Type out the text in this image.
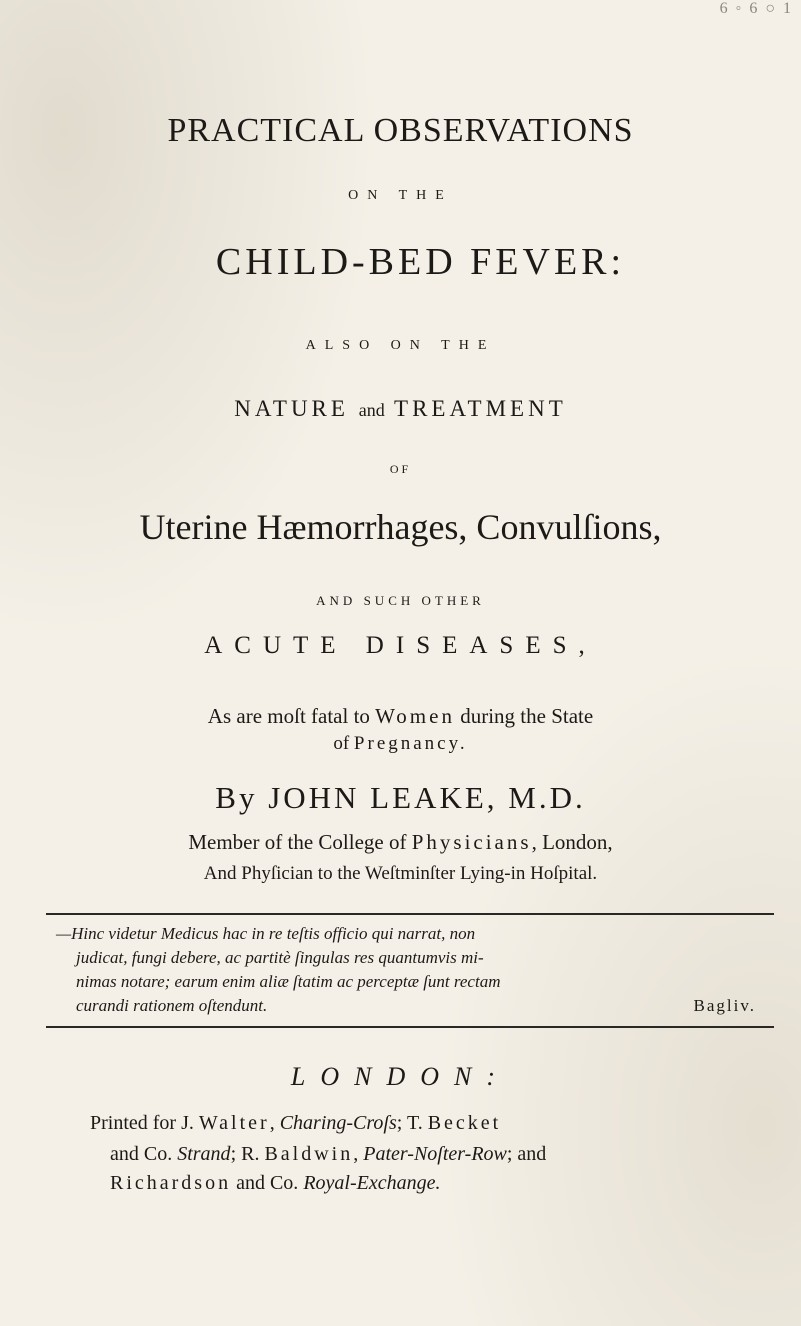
6 ◦ 6 ○ 1
PRACTICAL OBSERVATIONS
ON THE
CHILD-BED FEVER:
ALSO ON THE
NATURE and TREATMENT
OF
Uterine Hæmorrhages, Convulſions,
AND SUCH OTHER
ACUTE DISEASES,
As are moſt fatal to Women during the State
of Pregnancy.
By JOHN LEAKE, M.D.
Member of the College of Physicians, London,
And Phyſician to the Weſtminſter Lying-in Hoſpital.
—Hinc videtur Medicus hac in re teſtis officio qui narrat, non
judicat, fungi debere, ac partitè ſingulas res quantumvis mi-
nimas notare; earum enim aliæ ſtatim ac perceptæ ſunt rectam
curandi rationem oſtendunt.	Bagliv.
LONDON:
Printed for J. Walter, Charing-Croſs; T. Becket
and Co. Strand; R. Baldwin, Pater-Noſter-Row; and
Richardson and Co. Royal-Exchange.
